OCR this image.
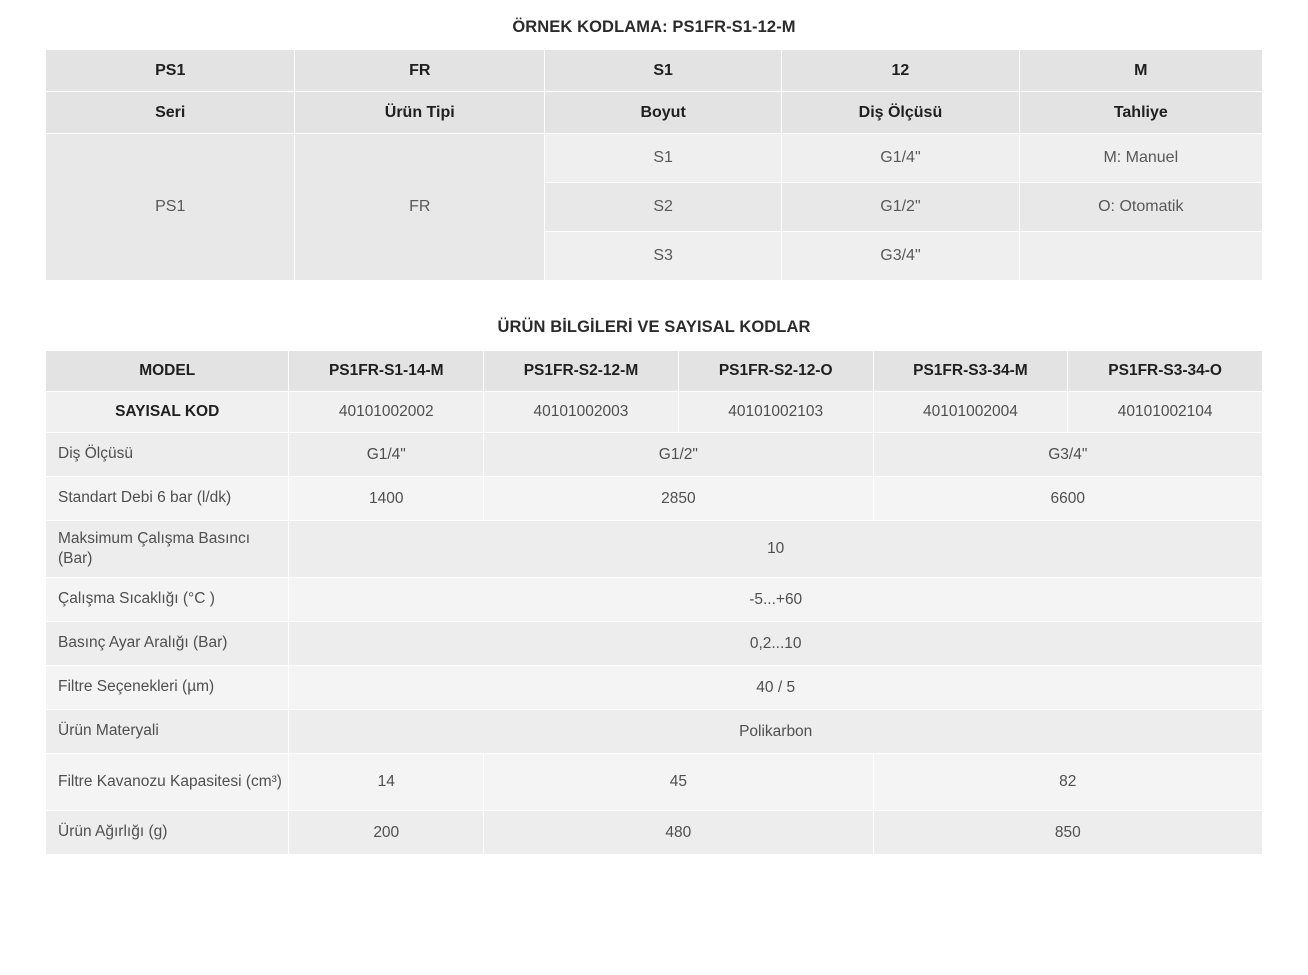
ÖRNEK KODLAMA: PS1FR-S1-12-M
PS1	FR	S1	12	M
Seri	Ürün Tipi	Boyut	Diş Ölçüsü	Tahliye
PS1	FR	S1	G1/4"	M: Manuel
		S2	G1/2"	O: Otomatik
		S3	G3/4"	
ÜRÜN BİLGİLERİ VE SAYISAL KODLAR
MODEL	PS1FR-S1-14-M	PS1FR-S2-12-M	PS1FR-S2-12-O	PS1FR-S3-34-M	PS1FR-S3-34-O
SAYISAL KOD	40101002002	40101002003	40101002103	40101002004	40101002104
Diş Ölçüsü	G1/4"	G1/2"		G3/4"	
Standart Debi 6 bar (l/dk)	1400	2850		6600	
Maksimum Çalışma Basıncı (Bar)	10				
Çalışma Sıcaklığı (°C )	-5...+60				
Basınç Ayar Aralığı (Bar)	0,2...10				
Filtre Seçenekleri (µm)	40 / 5				
Ürün Materyali	Polikarbon				
Filtre Kavanozu Kapasitesi (cm³)	14	45		82	
Ürün Ağırlığı (g)	200	480		850	
